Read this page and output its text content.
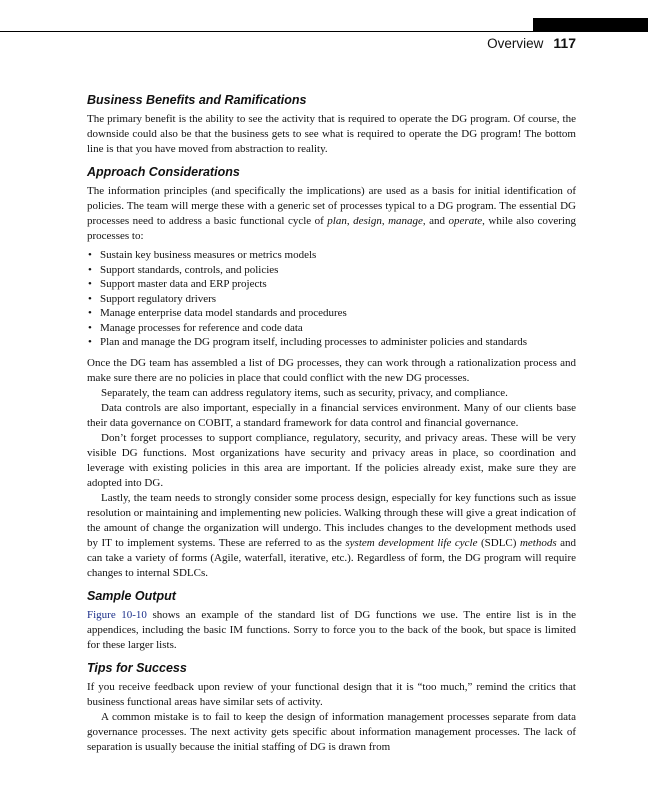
Overview 117
Business Benefits and Ramifications

The primary benefit is the ability to see the activity that is required to operate the DG program. Of course, the downside could also be that the business gets to see what is required to operate the DG program! The bottom line is that you have moved from abstraction to reality.

Approach Considerations

The information principles (and specifically the implications) are used as a basis for initial identification of policies. The team will merge these with a generic set of processes typical to a DG program. The essential DG processes need to address a basic functional cycle of plan, design, manage, and operate, while also covering processes to:

• Sustain key business measures or metrics models
• Support standards, controls, and policies
• Support master data and ERP projects
• Support regulatory drivers
• Manage enterprise data model standards and procedures
• Manage processes for reference and code data
• Plan and manage the DG program itself, including processes to administer policies and standards

Once the DG team has assembled a list of DG processes, they can work through a rationalization process and make sure there are no policies in place that could conflict with the new DG processes.

Separately, the team can address regulatory items, such as security, privacy, and compliance.

Data controls are also important, especially in a financial services environment. Many of our clients base their data governance on COBIT, a standard framework for data control and financial governance.

Don’t forget processes to support compliance, regulatory, security, and privacy areas. These will be very visible DG functions. Most organizations have security and privacy areas in place, so coordination and leverage with existing policies in this area are important. If the policies already exist, make sure they are adopted into DG.

Lastly, the team needs to strongly consider some process design, especially for key functions such as issue resolution or maintaining and implementing new policies. Walking through these will give a great indication of the amount of change the organization will undergo. This includes changes to the development methods used by IT to implement systems. These are referred to as the system development life cycle (SDLC) methods and can take a variety of forms (Agile, waterfall, iterative, etc.). Regardless of form, the DG program will require changes to internal SDLCs.

Sample Output

Figure 10-10 shows an example of the standard list of DG functions we use. The entire list is in the appendices, including the basic IM functions. Sorry to force you to the back of the book, but space is limited for these larger lists.

Tips for Success

If you receive feedback upon review of your functional design that it is “too much,” remind the critics that business functional areas have similar sets of activity.

A common mistake is to fail to keep the design of information management processes separate from data governance processes. The next activity gets specific about information management processes. The lack of separation is usually because the initial staffing of DG is drawn from
